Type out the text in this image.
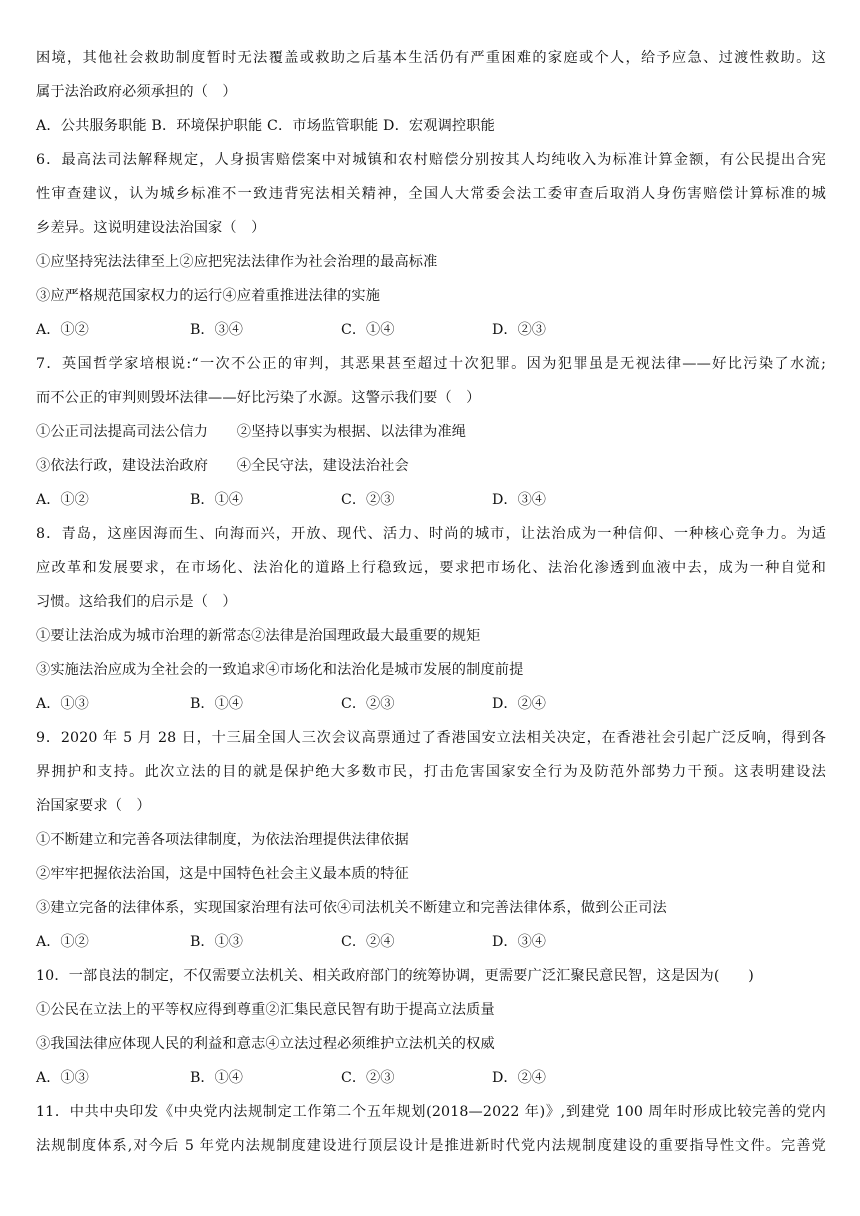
困境，其他社会救助制度暂时无法覆盖或救助之后基本生活仍有严重困难的家庭或个人，给予应急、过渡性救助。这
属于法治政府必须承担的（　）
A．公共服务职能 B．环境保护职能 C．市场监管职能 D．宏观调控职能
6．最高法司法解释规定，人身损害赔偿案中对城镇和农村赔偿分别按其人均纯收入为标准计算金额，有公民提出合宪
性审查建议，认为城乡标准不一致违背宪法相关精神，全国人大常委会法工委审查后取消人身伤害赔偿计算标准的城
乡差异。这说明建设法治国家（　）
①应坚持宪法法律至上②应把宪法法律作为社会治理的最高标准
③应严格规范国家权力的运行④应着重推进法律的实施
A．①②	B．③④	C．①④	D．②③
7．英国哲学家培根说:“一次不公正的审判，其恶果甚至超过十次犯罪。因为犯罪虽是无视法律——好比污染了水流;
而不公正的审判则毁坏法律——好比污染了水源。这警示我们要（　）
①公正司法提高司法公信力　　②坚持以事实为根据、以法律为准绳
③依法行政，建设法治政府　　④全民守法，建设法治社会
A．①②	B．①④	C．②③	D．③④
8．青岛，这座因海而生、向海而兴，开放、现代、活力、时尚的城市，让法治成为一种信仰、一种核心竞争力。为适
应改革和发展要求，在市场化、法治化的道路上行稳致远，要求把市场化、法治化渗透到血液中去，成为一种自觉和
习惯。这给我们的启示是（　）
①要让法治成为城市治理的新常态②法律是治国理政最大最重要的规矩
③实施法治应成为全社会的一致追求④市场化和法治化是城市发展的制度前提
A．①③	B．①④	C．②③	D．②④
9．2020 年 5 月 28 日，十三届全国人三次会议高票通过了香港国安立法相关决定，在香港社会引起广泛反响，得到各
界拥护和支持。此次立法的目的就是保护绝大多数市民，打击危害国家安全行为及防范外部势力干预。这表明建设法
治国家要求（　）
①不断建立和完善各项法律制度，为依法治理提供法律依据
②牢牢把握依法治国，这是中国特色社会主义最本质的特征
③建立完备的法律体系，实现国家治理有法可依④司法机关不断建立和完善法律体系，做到公正司法
A．①②	B．①③	C．②④	D．③④
10．一部良法的制定，不仅需要立法机关、相关政府部门的统筹协调，更需要广泛汇聚民意民智，这是因为(　　)
①公民在立法上的平等权应得到尊重②汇集民意民智有助于提高立法质量
③我国法律应体现人民的利益和意志④立法过程必须维护立法机关的权威
A．①③	B．①④	C．②③	D．②④
11．中共中央印发《中央党内法规制定工作第二个五年规划(2018—2022 年)》,到建党 100 周年时形成比较完善的党内
法规制度体系,对今后 5 年党内法规制度建设进行顶层设计是推进新时代党内法规制度建设的重要指导性文件。完善党
